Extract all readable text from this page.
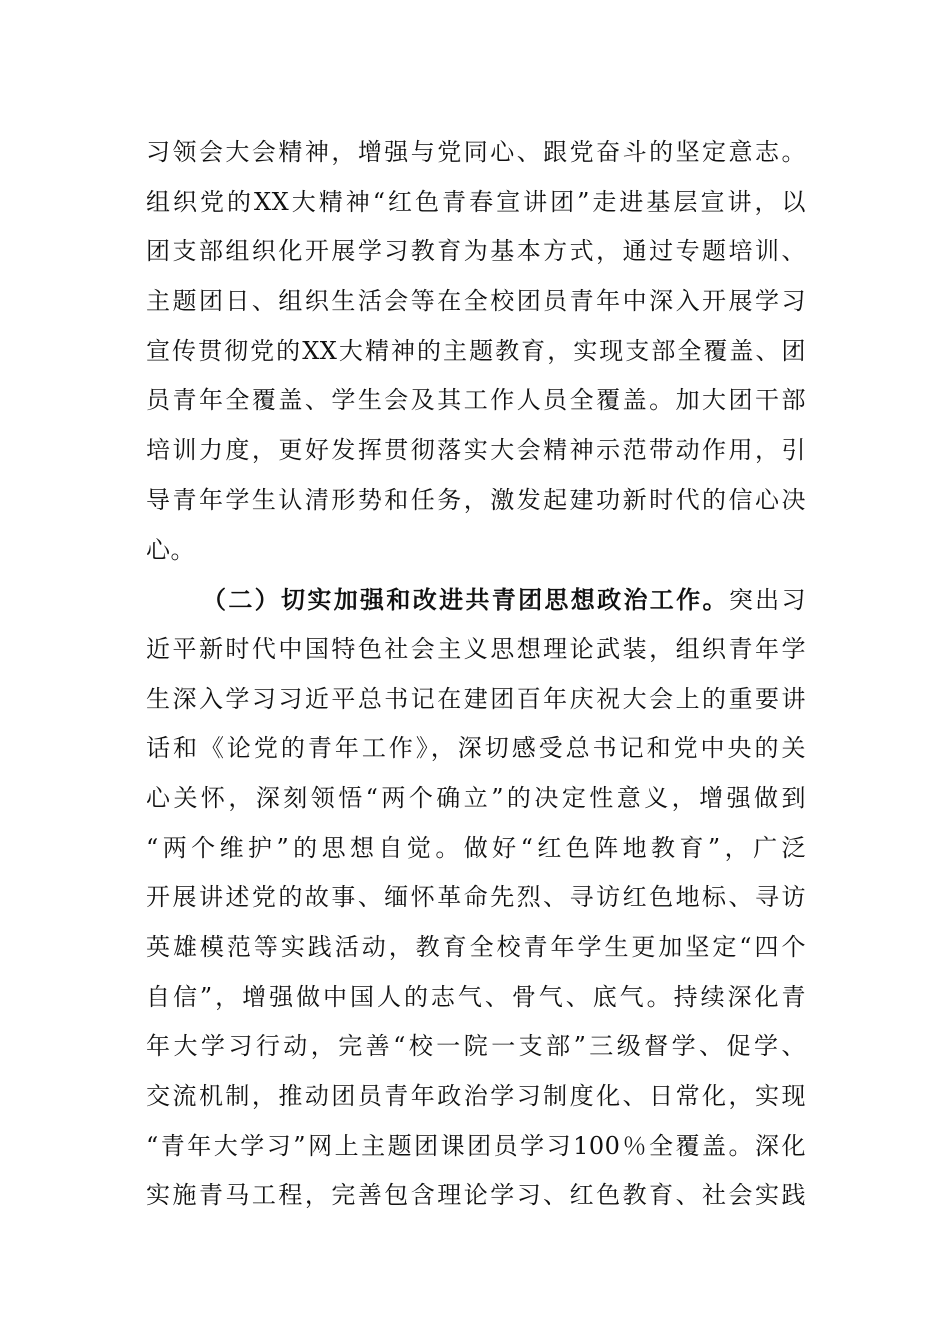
习领会大会精神，增强与党同心、跟党奋斗的坚定意志。
组织党的XX大精神“红色青春宣讲团”走进基层宣讲，以
团支部组织化开展学习教育为基本方式，通过专题培训、
主题团日、组织生活会等在全校团员青年中深入开展学习
宣传贯彻党的XX大精神的主题教育，实现支部全覆盖、团
员青年全覆盖、学生会及其工作人员全覆盖。加大团干部
培训力度，更好发挥贯彻落实大会精神示范带动作用，引
导青年学生认清形势和任务，激发起建功新时代的信心决
心。
（二）切实加强和改进共青团思想政治工作。突出习
近平新时代中国特色社会主义思想理论武装，组织青年学
生深入学习习近平总书记在建团百年庆祝大会上的重要讲
话和《论党的青年工作》，深切感受总书记和党中央的关
心关怀，深刻领悟“两个确立”的决定性意义，增强做到
“两个维护”的思想自觉。做好“红色阵地教育”，广泛
开展讲述党的故事、缅怀革命先烈、寻访红色地标、寻访
英雄模范等实践活动，教育全校青年学生更加坚定“四个
自信”，增强做中国人的志气、骨气、底气。持续深化青
年大学习行动，完善“校一院一支部”三级督学、促学、
交流机制，推动团员青年政治学习制度化、日常化，实现
“青年大学习”网上主题团课团员学习100％全覆盖。深化
实施青马工程，完善包含理论学习、红色教育、社会实践
